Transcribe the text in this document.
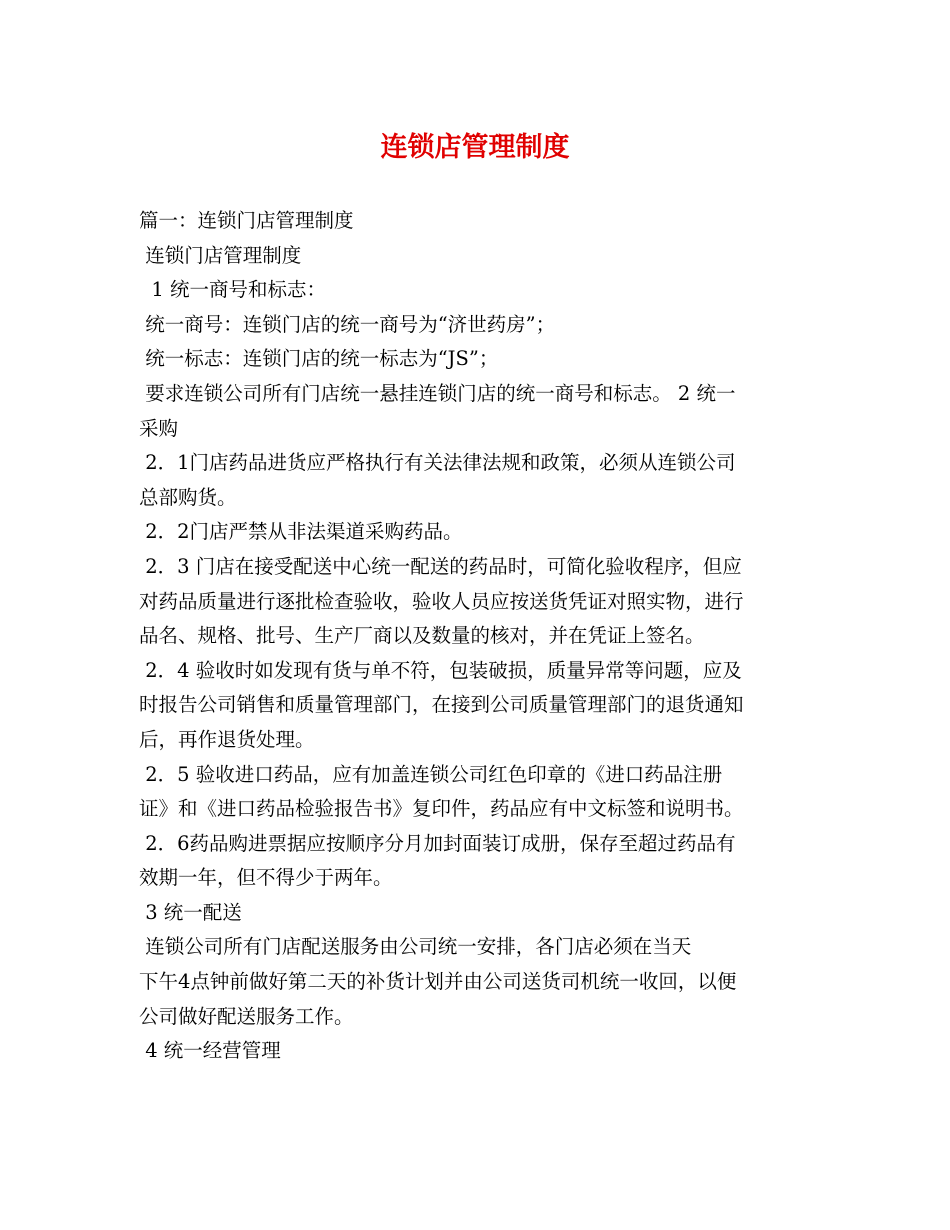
连锁店管理制度
篇一：连锁门店管理制度
连锁门店管理制度
1 统一商号和标志：
统一商号：连锁门店的统一商号为“济世药房”；
统一标志：连锁门店的统一标志为“JS”；
要求连锁公司所有门店统一悬挂连锁门店的统一商号和标志。 2 统一
采购
2．1门店药品进货应严格执行有关法律法规和政策，必须从连锁公司
总部购货。
2．2门店严禁从非法渠道采购药品。
2．3 门店在接受配送中心统一配送的药品时，可简化验收程序，但应
对药品质量进行逐批检查验收，验收人员应按送货凭证对照实物，进行
品名、规格、批号、生产厂商以及数量的核对，并在凭证上签名。
2．4 验收时如发现有货与单不符，包装破损，质量异常等问题，应及
时报告公司销售和质量管理部门，在接到公司质量管理部门的退货通知
后，再作退货处理。
2．5 验收进口药品，应有加盖连锁公司红色印章的《进口药品注册
证》和《进口药品检验报告书》复印件，药品应有中文标签和说明书。
2．6药品购进票据应按顺序分月加封面装订成册，保存至超过药品有
效期一年，但不得少于两年。
3 统一配送
连锁公司所有门店配送服务由公司统一安排，各门店必须在当天
下午4点钟前做好第二天的补货计划并由公司送货司机统一收回，以便
公司做好配送服务工作。
4 统一经营管理
